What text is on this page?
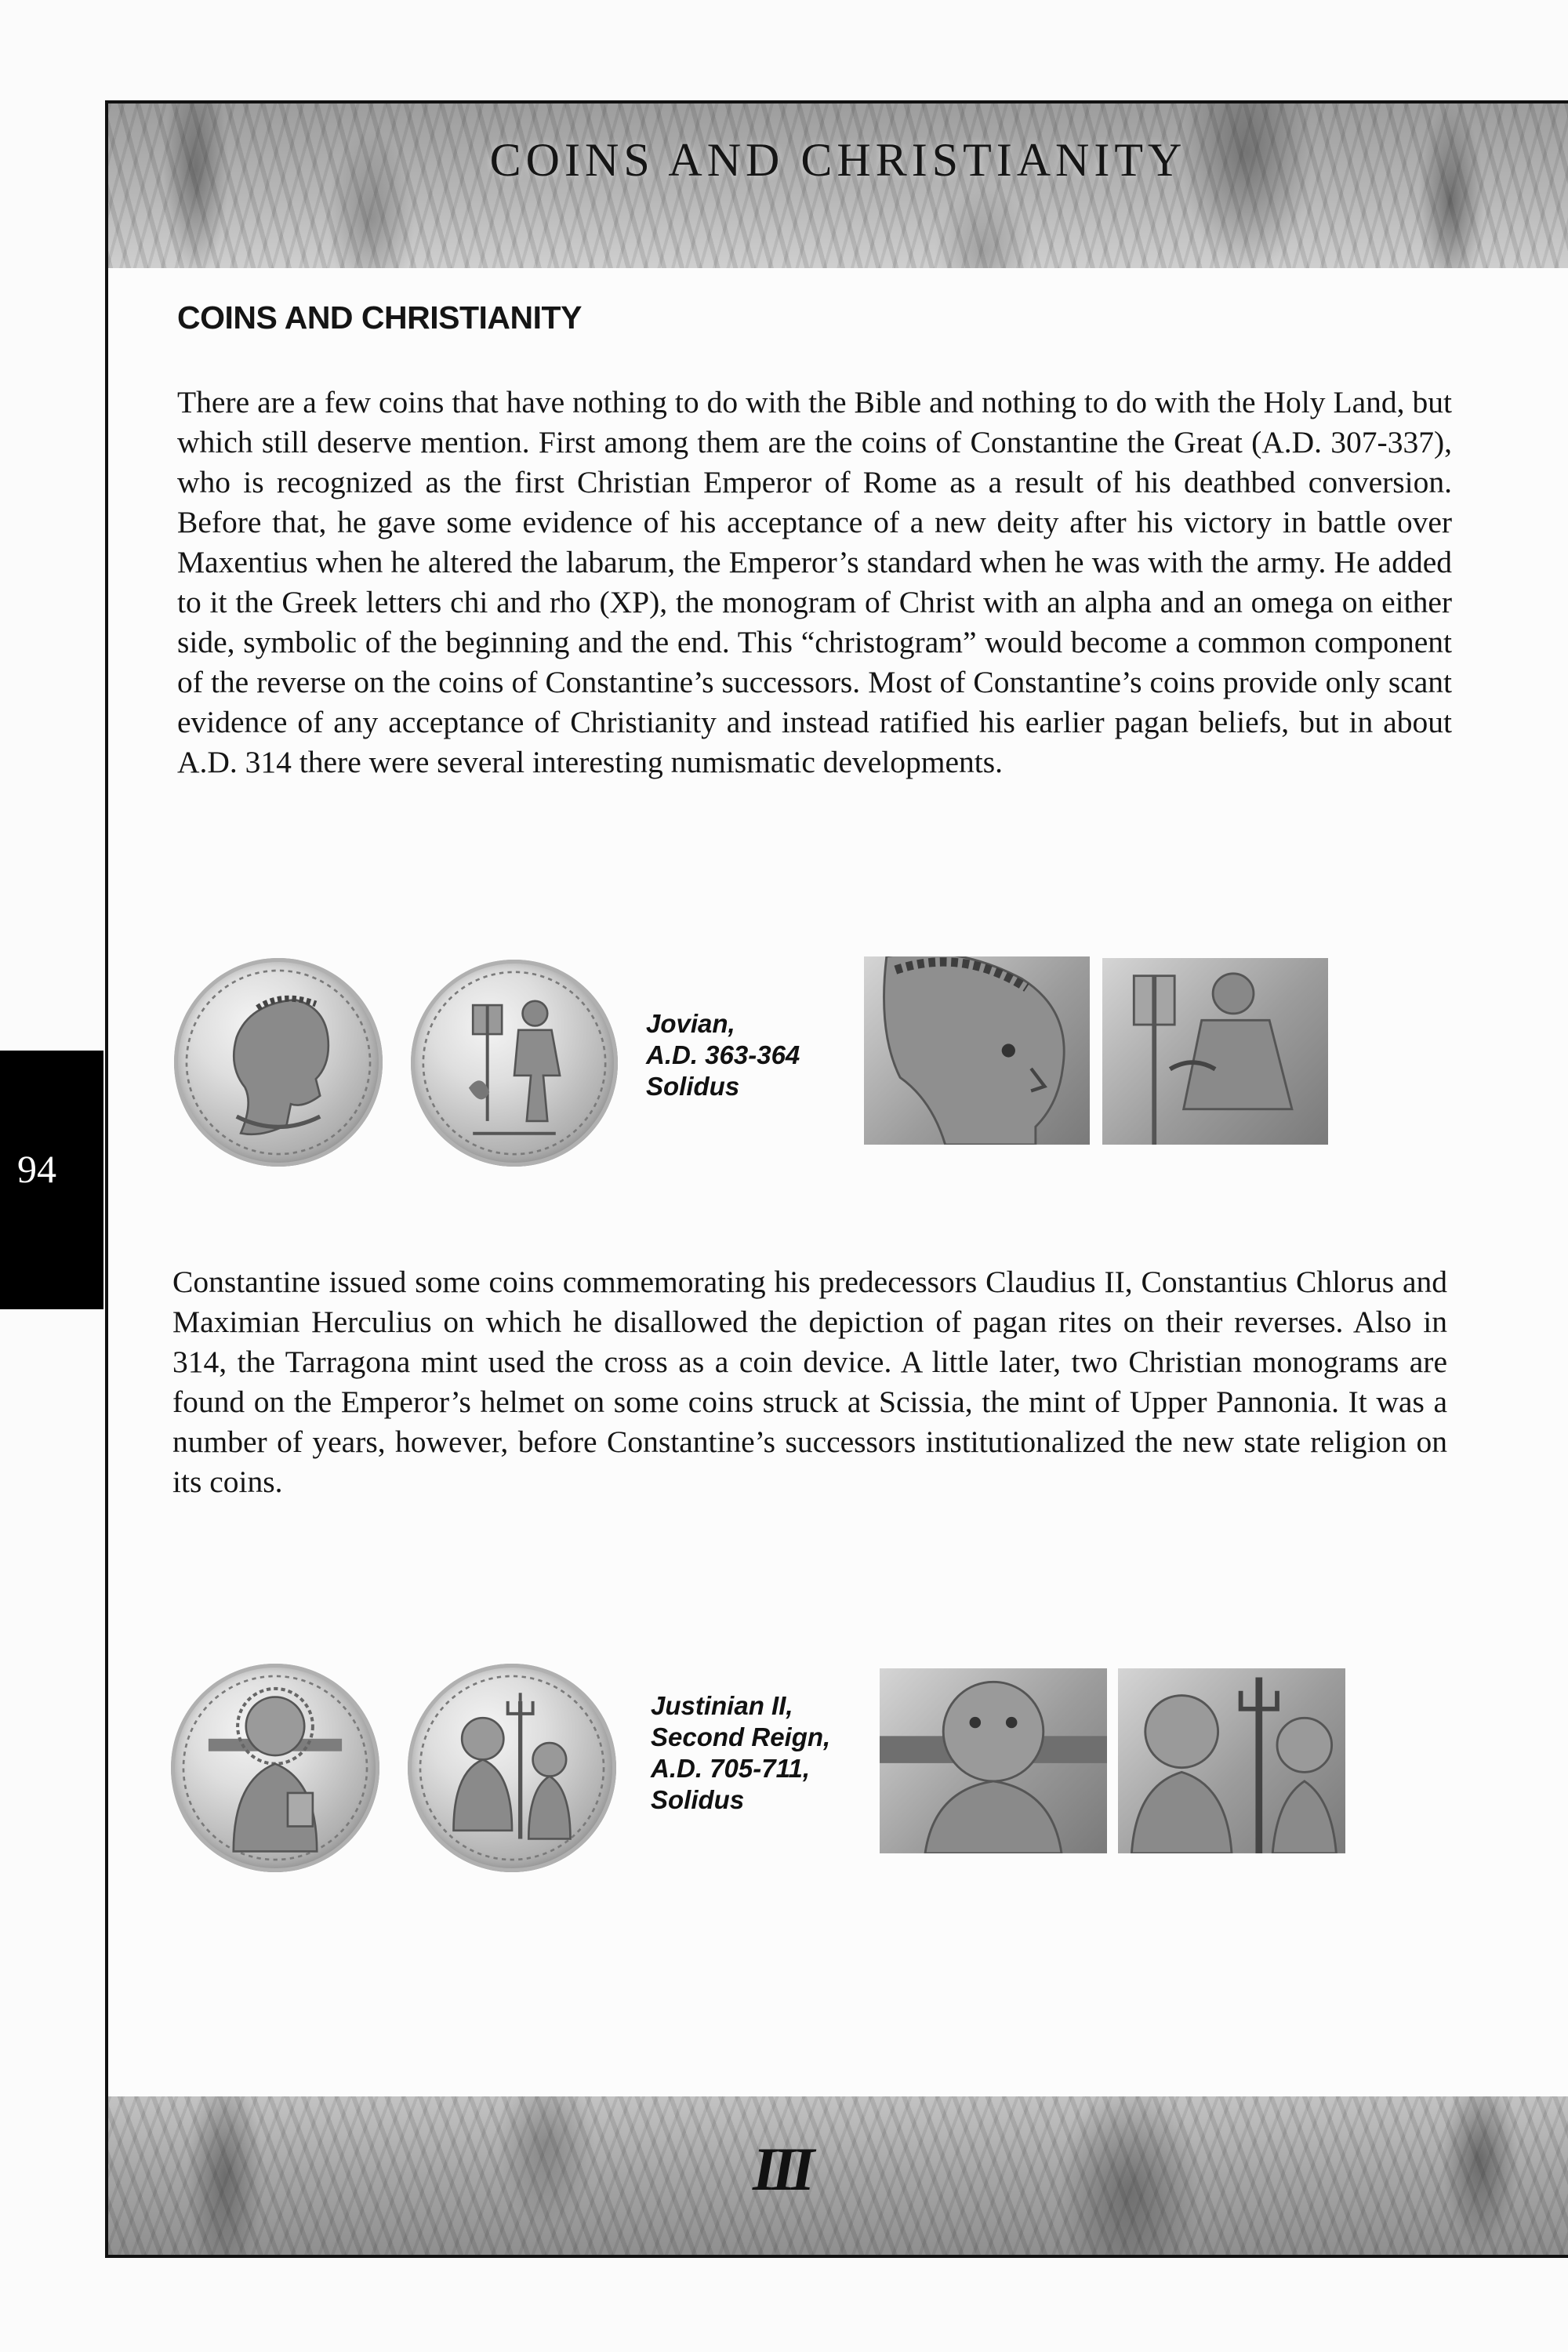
COINS AND CHRISTIANITY
COINS AND CHRISTIANITY

There are a few coins that have nothing to do with the Bible and nothing to do with the Holy Land, but which still deserve mention. First among them are the coins of Constantine the Great (A.D. 307-337), who is recognized as the first Christian Emperor of Rome as a result of his deathbed conversion. Before that, he gave some evidence of his acceptance of a new deity after his victory in battle over Maxentius when he altered the labarum, the Emperor’s standard when he was with the army. He added to it the Greek letters chi and rho (XP), the monogram of Christ with an alpha and an omega on either side, symbolic of the beginning and the end. This “christogram” would become a common component of the reverse on the coins of Constantine’s successors. Most of Constantine’s coins provide only scant evidence of any acceptance of Christianity and instead ratified his earlier pagan beliefs, but in about A.D. 314 there were several interesting numismatic developments.

Jovian,
A.D. 363-364
Solidus

Constantine issued some coins commemorating his predecessors Claudius II, Constantius Chlorus and Maximian Herculius on which he disallowed the depiction of pagan rites on their reverses. Also in 314, the Tarragona mint used the cross as a coin device. A little later, two Christian monograms are found on the Emperor’s helmet on some coins struck at Scissia, the mint of Upper Pannonia. It was a number of years, however, before Constantine’s successors institutionalized the new state religion on its coins.

Justinian II,
Second Reign,
A.D. 705-711,
Solidus
94
III
